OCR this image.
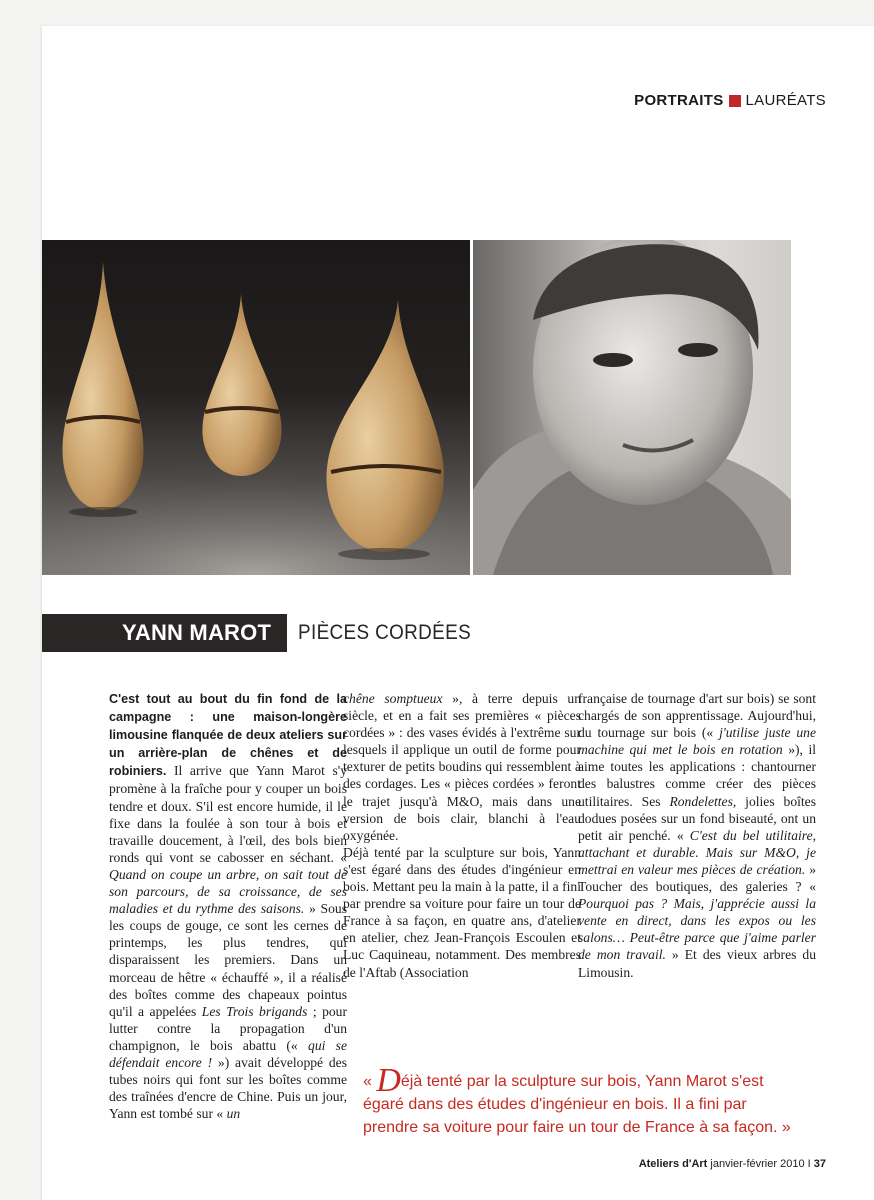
PORTRAITS LAURÉATS
YANN MAROT	PIÈCES CORDÉES

C'est tout au bout du fin fond de la campagne : une maison-longère limousine flanquée de deux ateliers sur un arrière-plan de chênes et de robiniers. Il arrive que Yann Marot s'y promène à la fraîche pour y couper un bois tendre et doux. S'il est encore humide, il le fixe dans la foulée à son tour à bois et travaille doucement, à l'œil, des bols bien ronds qui vont se cabosser en séchant. « Quand on coupe un arbre, on sait tout de son parcours, de sa croissance, de ses maladies et du rythme des saisons. » Sous les coups de gouge, ce sont les cernes de printemps, les plus tendres, qui disparaissent les premiers. Dans un morceau de hêtre « échauffé », il a réalisé des boîtes comme des chapeaux pointus qu'il a appelées Les Trois brigands ; pour lutter contre la propagation d'un champignon, le bois abattu (« qui se défendait encore ! ») avait développé des tubes noirs qui font sur les boîtes comme des traînées d'encre de Chine. Puis un jour, Yann est tombé sur « un

chêne somptueux », à terre depuis un siècle, et en a fait ses premières « pièces cordées » : des vases évidés à l'extrême sur lesquels il applique un outil de forme pour texturer de petits boudins qui ressemblent à des cordages. Les « pièces cordées » feront le trajet jusqu'à M&O, mais dans une version de bois clair, blanchi à l'eau oxygénée.

Déjà tenté par la sculpture sur bois, Yann s'est égaré dans des études d'ingénieur en bois. Mettant peu la main à la patte, il a fini par prendre sa voiture pour faire un tour de France à sa façon, en quatre ans, d'atelier en atelier, chez Jean-François Escoulen et Luc Caquineau, notamment. Des membres de l'Aftab (Association

française de tournage d'art sur bois) se sont chargés de son apprentissage. Aujourd'hui, du tournage sur bois (« j'utilise juste une machine qui met le bois en rotation »), il aime toutes les applications : chantourner des balustres comme créer des pièces utilitaires. Ses Rondelettes, jolies boîtes dodues posées sur un fond biseauté, ont un petit air penché. « C'est du bel utilitaire, attachant et durable. Mais sur M&O, je mettrai en valeur mes pièces de création. » Toucher des boutiques, des galeries ? « Pourquoi pas ? Mais, j'apprécie aussi la vente en direct, dans les expos ou les salons… Peut-être parce que j'aime parler de mon travail. » Et des vieux arbres du Limousin.

« Déjà tenté par la sculpture sur bois, Yann Marot s'est égaré dans des études d'ingénieur en bois. Il a fini par prendre sa voiture pour faire un tour de France à sa façon. »
Ateliers d'Art janvier-février 2010 I 37
